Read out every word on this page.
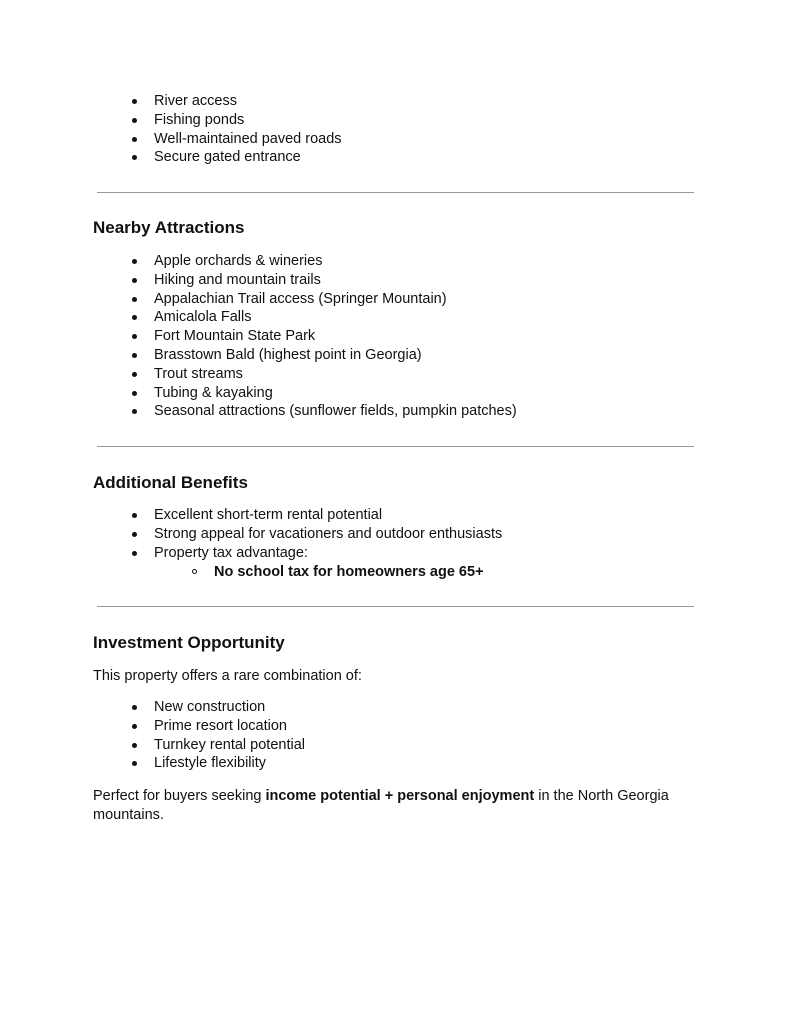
River access
Fishing ponds
Well-maintained paved roads
Secure gated entrance
Nearby Attractions
Apple orchards & wineries
Hiking and mountain trails
Appalachian Trail access (Springer Mountain)
Amicalola Falls
Fort Mountain State Park
Brasstown Bald (highest point in Georgia)
Trout streams
Tubing & kayaking
Seasonal attractions (sunflower fields, pumpkin patches)
Additional Benefits
Excellent short-term rental potential
Strong appeal for vacationers and outdoor enthusiasts
Property tax advantage:
No school tax for homeowners age 65+
Investment Opportunity

This property offers a rare combination of:

New construction
Prime resort location
Turnkey rental potential
Lifestyle flexibility

Perfect for buyers seeking income potential + personal enjoyment in the North Georgia mountains.
